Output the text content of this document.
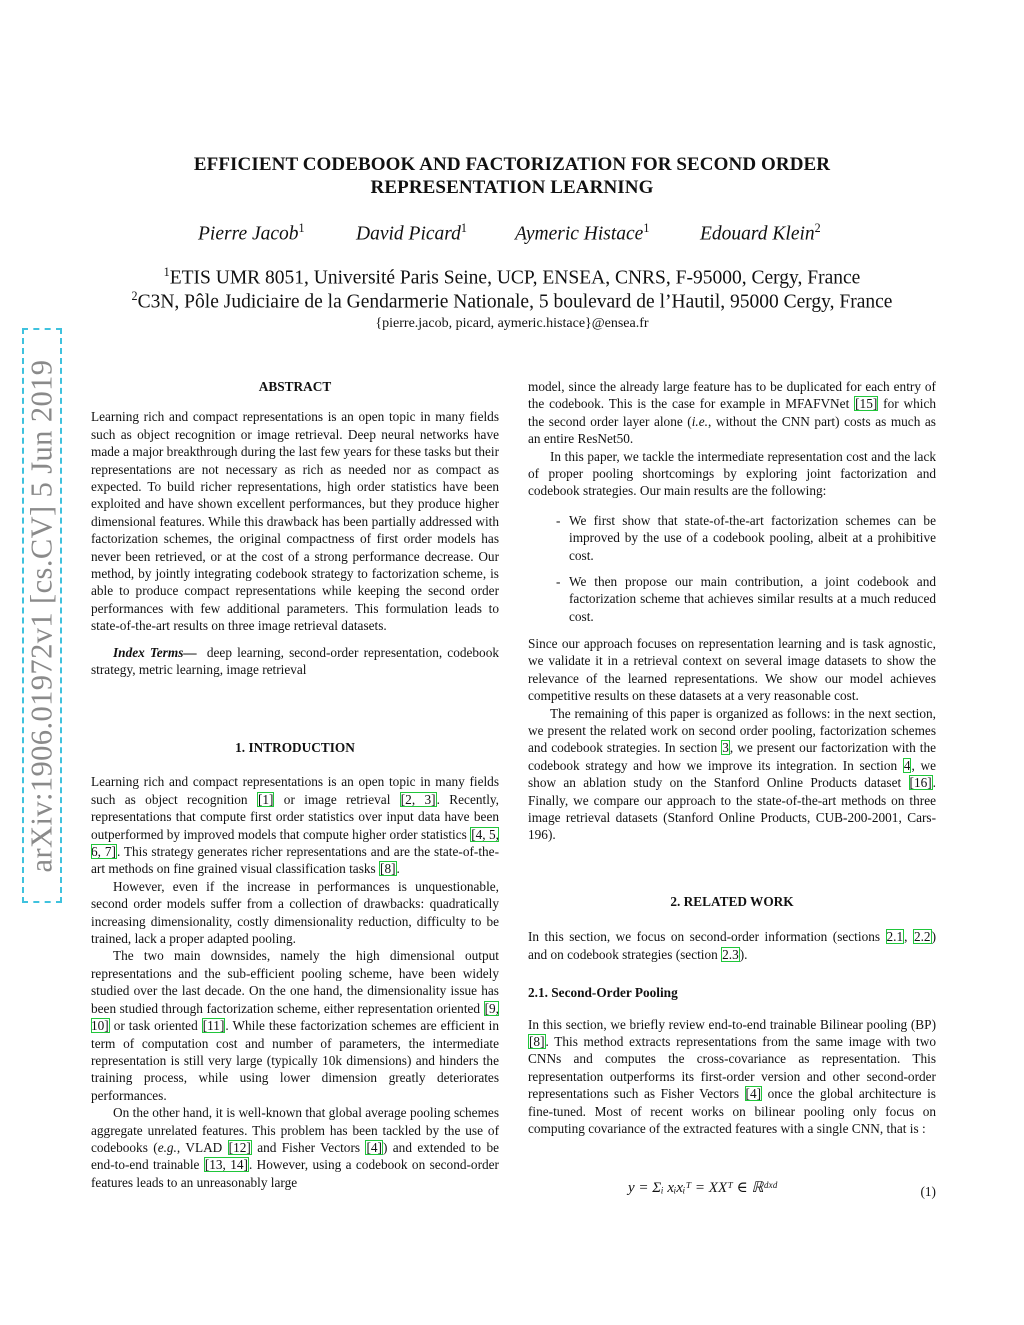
arXiv:1906.01972v1 [cs.CV] 5 Jun 2019
EFFICIENT CODEBOOK AND FACTORIZATION FOR SECOND ORDER
REPRESENTATION LEARNING
Pierre Jacob$^1$	David Picard$^1$ Aymeric Histace$^1$	Edouard Klein$^2$
$^1$ETIS UMR 8051, Université Paris Seine, UCP, ENSEA, CNRS, F-95000, Cergy, France
$^2$C3N, Pôle Judiciaire de la Gendarmerie Nationale, 5 boulevard de l’Hautil, 95000 Cergy, France
{pierre.jacob, picard, aymeric.histace}@ensea.fr

ABSTRACT

Learning rich and compact representations is an open topic in many fields such as object recognition or image retrieval. Deep neural networks have made a major breakthrough during the last few years for these tasks but their representations are not necessary as rich as needed nor as compact as expected. To build richer representations, high order statistics have been exploited and have shown excellent performances, but they produce higher dimensional features. While this drawback has been partially addressed with factorization schemes, the original compactness of first order models has never been retrieved, or at the cost of a strong performance decrease. Our method, by jointly integrating codebook strategy to factorization scheme, is able to produce compact representations while keeping the second order performances with few additional parameters. This formulation leads to state-of-the-art results on three image retrieval datasets.

Index Terms— deep learning, second-order representation, codebook strategy, metric learning, image retrieval

1. INTRODUCTION

Learning rich and compact representations is an open topic in many fields such as object recognition [1] or image retrieval [2, 3]. Recently, representations that compute first order statistics over input data have been outperformed by improved models that compute higher order statistics [4, 5, 6, 7]. This strategy generates richer representations and are the state-of-the-art methods on fine grained visual classification tasks [8].

However, even if the increase in performances is unquestionable, second order models suffer from a collection of drawbacks: quadratically increasing dimensionality, costly dimensionality reduction, difficulty to be trained, lack a proper adapted pooling.

The two main downsides, namely the high dimensional output representations and the sub-efficient pooling scheme, have been widely studied over the last decade. On the one hand, the dimensionality issue has been studied through factorization scheme, either representation oriented [9, 10] or task oriented [11]. While these factorization schemes are efficient in term of computation cost and number of parameters, the intermediate representation is still very large (typically 10k dimensions) and hinders the training process, while using lower dimension greatly deteriorates performances.

On the other hand, it is well-known that global average pooling schemes aggregate unrelated features. This problem has been tackled by the use of codebooks (e.g., VLAD [12] and Fisher Vectors [4]) and extended to be end-to-end trainable [13, 14]. However, using a codebook on second-order features leads to an unreasonably large

model, since the already large feature has to be duplicated for each entry of the codebook. This is the case for example in MFAFVNet [15] for which the second order layer alone (i.e., without the CNN part) costs as much as an entire ResNet50.

In this paper, we tackle the intermediate representation cost and the lack of proper pooling shortcomings by exploring joint factorization and codebook strategies. Our main results are the following:

- We first show that state-of-the-art factorization schemes can be improved by the use of a codebook pooling, albeit at a prohibitive cost.
- We then propose our main contribution, a joint codebook and factorization scheme that achieves similar results at a much reduced cost.

Since our approach focuses on representation learning and is task agnostic, we validate it in a retrieval context on several image datasets to show the relevance of the learned representations. We show our model achieves competitive results on these datasets at a very reasonable cost.

The remaining of this paper is organized as follows: in the next section, we present the related work on second order pooling, factorization schemes and codebook strategies. In section 3, we present our factorization with the codebook strategy and how we improve its integration. In section 4, we show an ablation study on the Stanford Online Products dataset [16]. Finally, we compare our approach to the state-of-the-art methods on three image retrieval datasets (Stanford Online Products, CUB-200-2001, Cars-196).

2. RELATED WORK

In this section, we focus on second-order information (sections 2.1, 2.2) and on codebook strategies (section 2.3).

2.1. Second-Order Pooling

In this section, we briefly review end-to-end trainable Bilinear pooling (BP) [8]. This method extracts representations from the same image with two CNNs and computes the cross-covariance as representation. This representation outperforms its first-order version and other second-order representations such as Fisher Vectors [4] once the global architecture is fine-tuned. Most of recent works on bilinear pooling only focus on computing covariance of the extracted features with a single CNN, that is :

y = Σᵢ xᵢxᵢᵀ = XXᵀ ∈ ℝᵈˣᵈ	(1)
